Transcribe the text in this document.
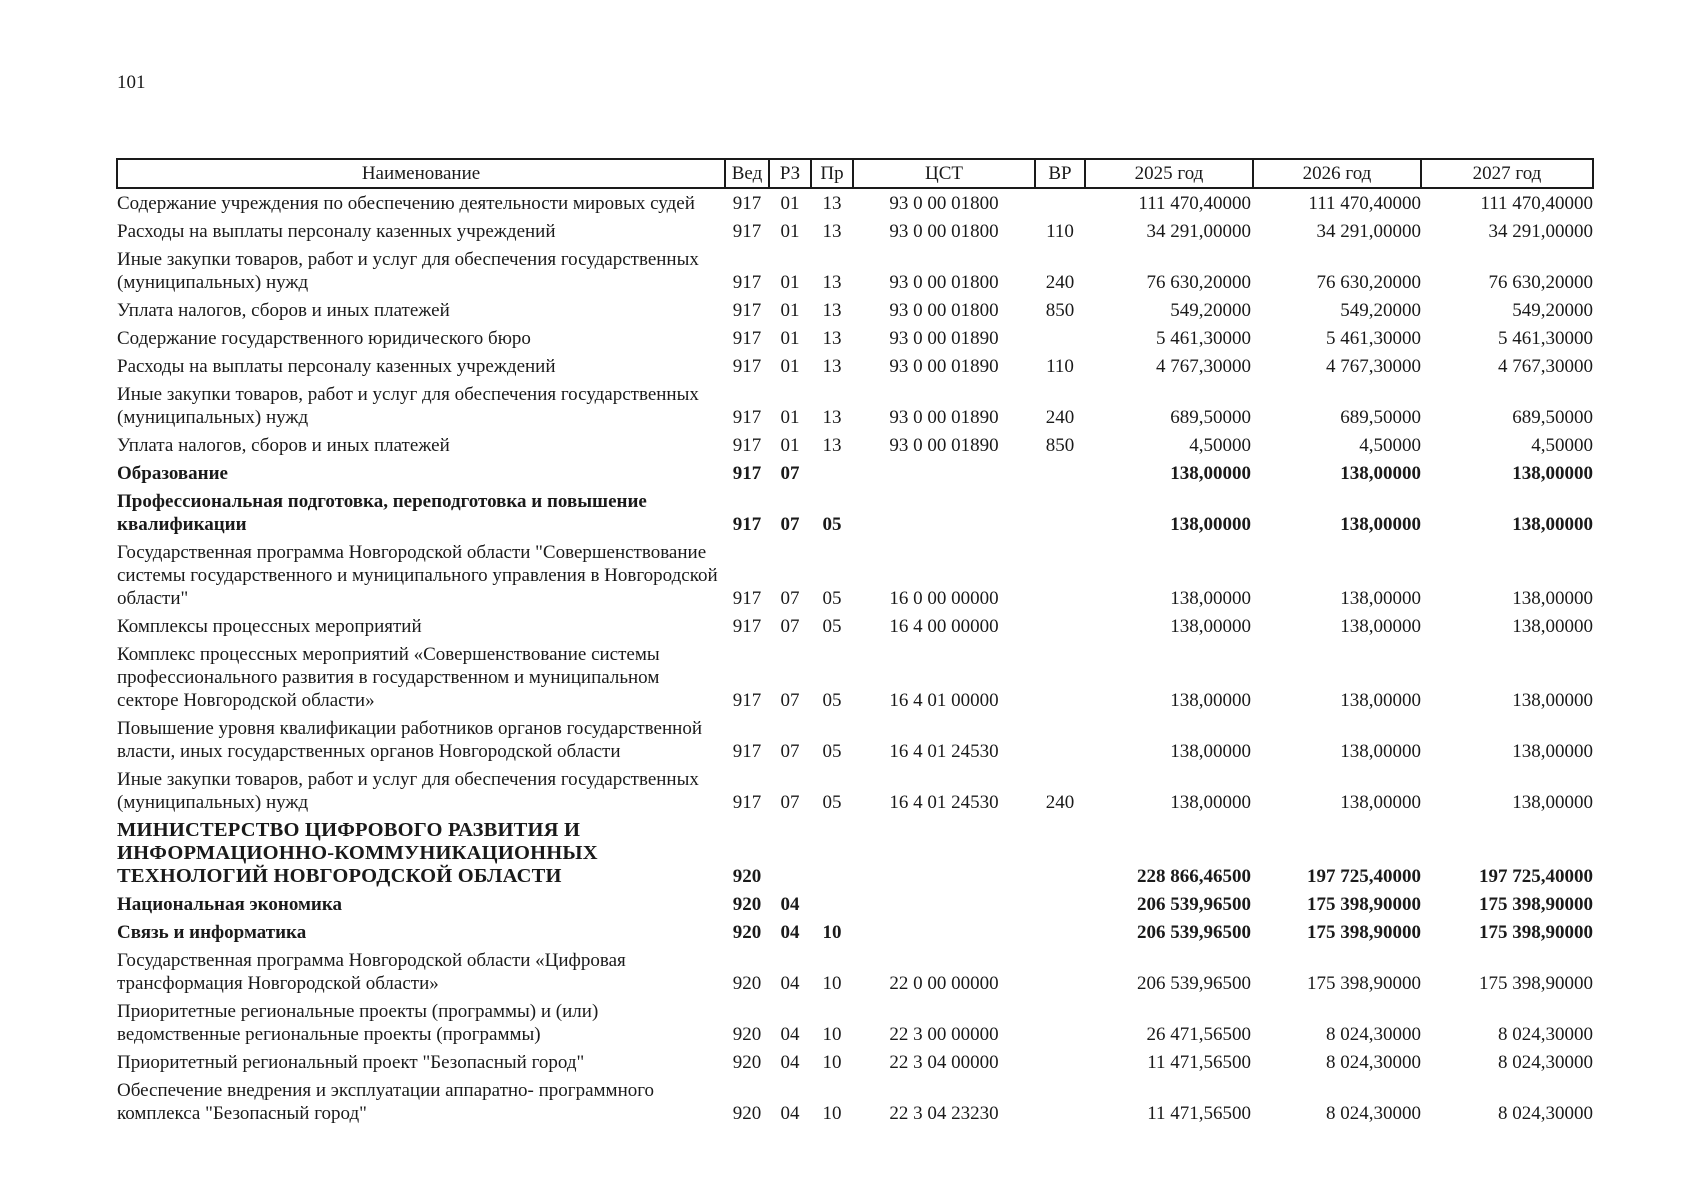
101
Наименование	Вед	РЗ	Пр	ЦСТ	ВР	2025 год	2026 год	2027 год
Содержание учреждения по обеспечению деятельности мировых судей	917	01	13	93 0 00 01800		111 470,40000	111 470,40000	111 470,40000
Расходы на выплаты персоналу казенных учреждений	917	01	13	93 0 00 01800	110	34 291,00000	34 291,00000	34 291,00000
Иные закупки товаров, работ и услуг для обеспечения государственных (муниципальных) нужд	917	01	13	93 0 00 01800	240	76 630,20000	76 630,20000	76 630,20000
Уплата налогов, сборов и иных платежей	917	01	13	93 0 00 01800	850	549,20000	549,20000	549,20000
Содержание государственного юридического бюро	917	01	13	93 0 00 01890		5 461,30000	5 461,30000	5 461,30000
Расходы на выплаты персоналу казенных учреждений	917	01	13	93 0 00 01890	110	4 767,30000	4 767,30000	4 767,30000
Иные закупки товаров, работ и услуг для обеспечения государственных (муниципальных) нужд	917	01	13	93 0 00 01890	240	689,50000	689,50000	689,50000
Уплата налогов, сборов и иных платежей	917	01	13	93 0 00 01890	850	4,50000	4,50000	4,50000
Образование	917	07				138,00000	138,00000	138,00000
Профессиональная подготовка, переподготовка и повышение квалификации	917	07	05			138,00000	138,00000	138,00000
Государственная программа Новгородской области "Совершенствование системы государственного и муниципального управления в Новгородской области"	917	07	05	16 0 00 00000		138,00000	138,00000	138,00000
Комплексы процессных мероприятий	917	07	05	16 4 00 00000		138,00000	138,00000	138,00000
Комплекс процессных мероприятий «Совершенствование системы профессионального развития в государственном и муниципальном секторе Новгородской области»	917	07	05	16 4 01 00000		138,00000	138,00000	138,00000
Повышение уровня квалификации работников органов государственной власти, иных государственных органов Новгородской области	917	07	05	16 4 01 24530		138,00000	138,00000	138,00000
Иные закупки товаров, работ и услуг для обеспечения государственных (муниципальных) нужд	917	07	05	16 4 01 24530	240	138,00000	138,00000	138,00000
МИНИСТЕРСТВО ЦИФРОВОГО РАЗВИТИЯ И ИНФОРМАЦИОННО-КОММУНИКАЦИОННЫХ ТЕХНОЛОГИЙ НОВГОРОДСКОЙ ОБЛАСТИ	920					228 866,46500	197 725,40000	197 725,40000
Национальная экономика	920	04				206 539,96500	175 398,90000	175 398,90000
Связь и информатика	920	04	10			206 539,96500	175 398,90000	175 398,90000
Государственная программа Новгородской области «Цифровая трансформация Новгородской области»	920	04	10	22 0 00 00000		206 539,96500	175 398,90000	175 398,90000
Приоритетные региональные проекты (программы) и (или) ведомственные региональные проекты (программы)	920	04	10	22 3 00 00000		26 471,56500	8 024,30000	8 024,30000
Приоритетный региональный проект "Безопасный город"	920	04	10	22 3 04 00000		11 471,56500	8 024,30000	8 024,30000
Обеспечение внедрения и эксплуатации аппаратно- программного комплекса "Безопасный город"	920	04	10	22 3 04 23230		11 471,56500	8 024,30000	8 024,30000
